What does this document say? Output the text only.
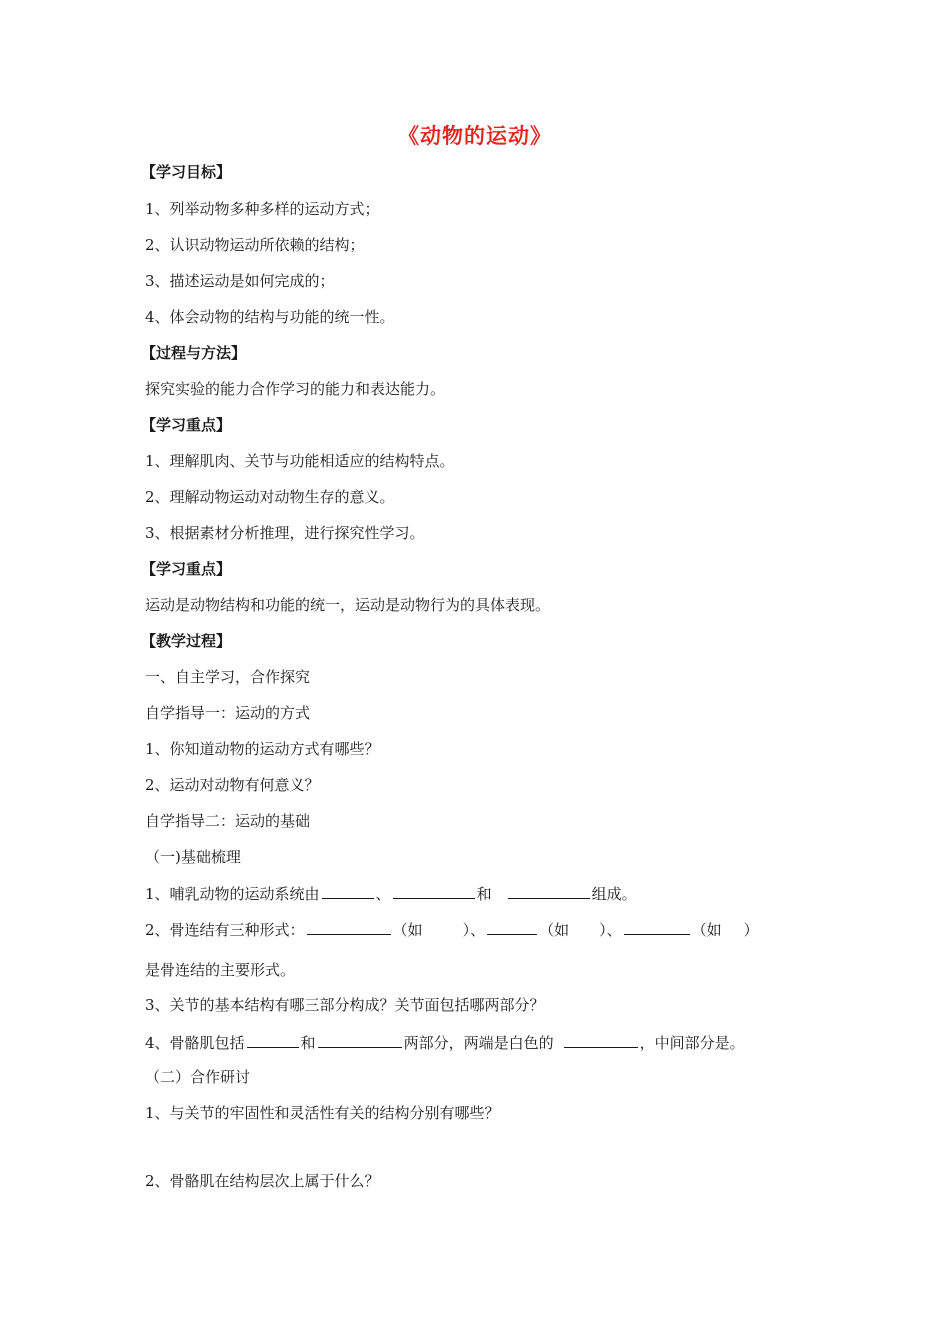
《动物的运动》
【学习目标】
1、列举动物多种多样的运动方式；
2、认识动物运动所依赖的结构；
3、描述运动是如何完成的；
4、体会动物的结构与功能的统一性。
【过程与方法】
探究实验的能力合作学习的能力和表达能力。
【学习重点】
1、理解肌肉、关节与功能相适应的结构特点。
2、理解动物运动对动物生存的意义。
3、根据素材分析推理，进行探究性学习。
【学习重点】
运动是动物结构和功能的统一，运动是动物行为的具体表现。
【教学过程】
一、自主学习，合作探究
自学指导一：运动的方式
1、你知道动物的运动方式有哪些？
2、运动对动物有何意义？
自学指导二：运动的基础
（一)基础梳理
1、哺乳动物的运动系统由	、	和	组成。
2、骨连结有三种形式：	（如	）、	（如 ）、	（如 ）
是骨连结的主要形式。
3、关节的基本结构有哪三部分构成？关节面包括哪两部分？
4、骨骼肌包括	和	两部分，两端是白色的	，中间部分是。
（二）合作研讨
1、与关节的牢固性和灵活性有关的结构分别有哪些？
2、骨骼肌在结构层次上属于什么？
